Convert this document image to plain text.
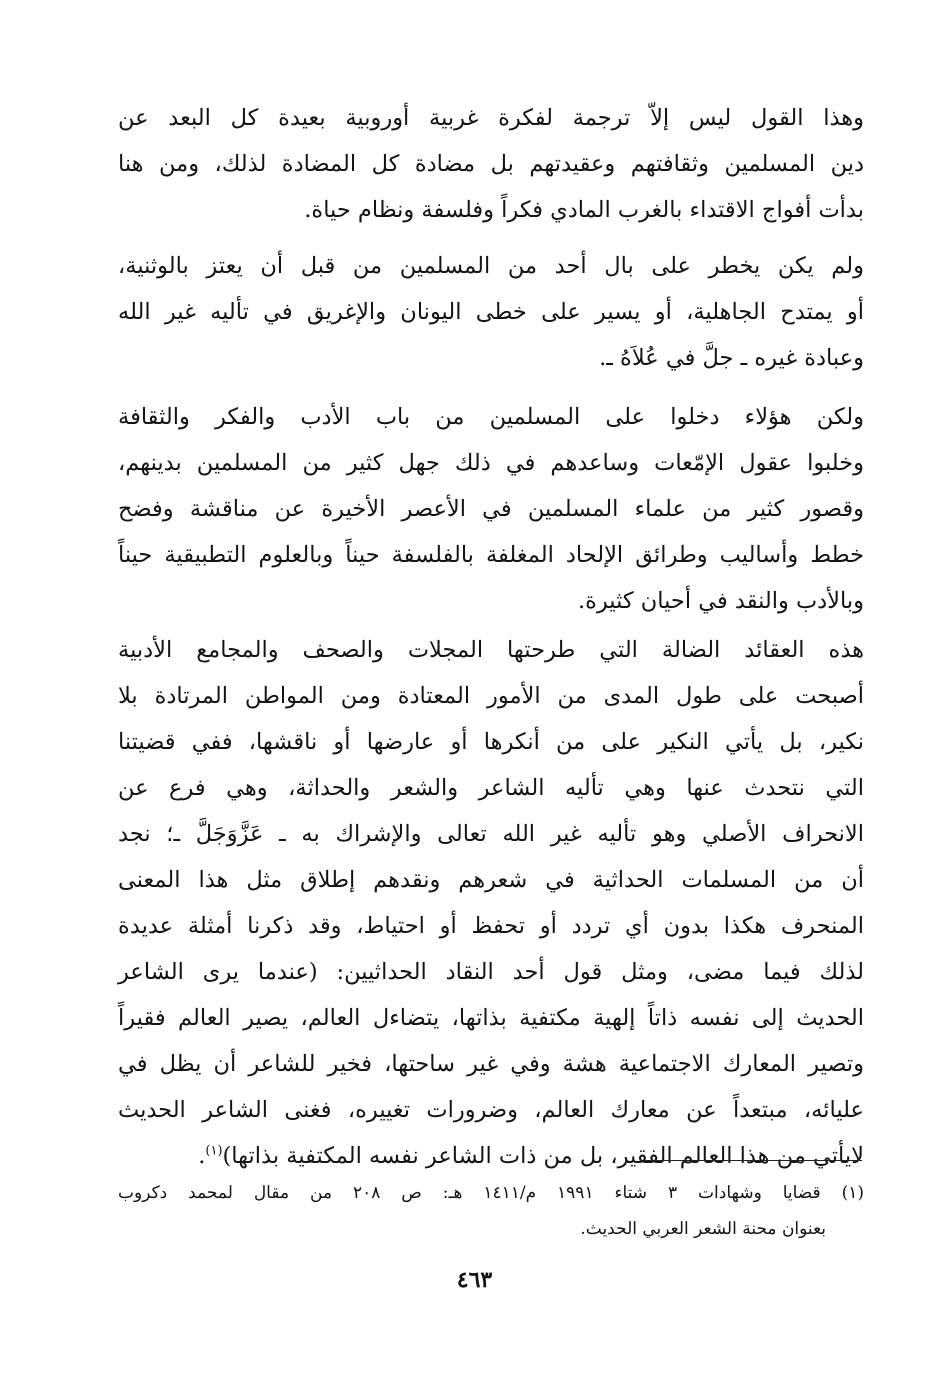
وهذا القول ليس إلاّ ترجمة لفكرة غربية أوروبية بعيدة كل البعد عن
دين المسلمين وثقافتهم وعقيدتهم بل مضادة كل المضادة لذلك، ومن هنا
بدأت أفواج الاقتداء بالغرب المادي فكراً وفلسفة ونظام حياة.
ولم يكن يخطر على بال أحد من المسلمين من قبل أن يعتز بالوثنية،
أو يمتدح الجاهلية، أو يسير على خطى اليونان والإغريق في تأليه غير الله
وعبادة غيره ـ جلَّ في عُلاَهُ ـ.
ولكن هؤلاء دخلوا على المسلمين من باب الأدب والفكر والثقافة
وخلبوا عقول الإمّعات وساعدهم في ذلك جهل كثير من المسلمين بدينهم،
وقصور كثير من علماء المسلمين في الأعصر الأخيرة عن مناقشة وفضح
خطط وأساليب وطرائق الإلحاد المغلفة بالفلسفة حيناً وبالعلوم التطبيقية حيناً
وبالأدب والنقد في أحيان كثيرة.
هذه العقائد الضالة التي طرحتها المجلات والصحف والمجامع الأدبية
أصبحت على طول المدى من الأمور المعتادة ومن المواطن المرتادة بلا
نكير، بل يأتي النكير على من أنكرها أو عارضها أو ناقشها، ففي قضيتنا
التي نتحدث عنها وهي تأليه الشاعر والشعر والحداثة، وهي فرع عن
الانحراف الأصلي وهو تأليه غير الله تعالى والإشراك به ـ عَزَّوَجَلَّ ـ؛ نجد
أن من المسلمات الحداثية في شعرهم ونقدهم إطلاق مثل هذا المعنى
المنحرف هكذا بدون أي تردد أو تحفظ أو احتياط، وقد ذكرنا أمثلة عديدة
لذلك فيما مضى، ومثل قول أحد النقاد الحداثيين: (عندما يرى الشاعر
الحديث إلى نفسه ذاتاً إلهية مكتفية بذاتها، يتضاءل العالم، يصير العالم فقيراً
وتصير المعارك الاجتماعية هشة وفي غير ساحتها، فخير للشاعر أن يظل في
عليائه، مبتعداً عن معارك العالم، وضرورات تغييره، فغنى الشاعر الحديث
لايأتي من هذا العالم الفقير، بل من ذات الشاعر نفسه المكتفية بذاتها)$^{(١)}$.
(١) قضايا وشهادات ٣ شتاء ١٩٩١ م/١٤١١ هـ: ص ٢٠٨ من مقال لمحمد دكروب
بعنوان محنة الشعر العربي الحديث.
٤٦٣
